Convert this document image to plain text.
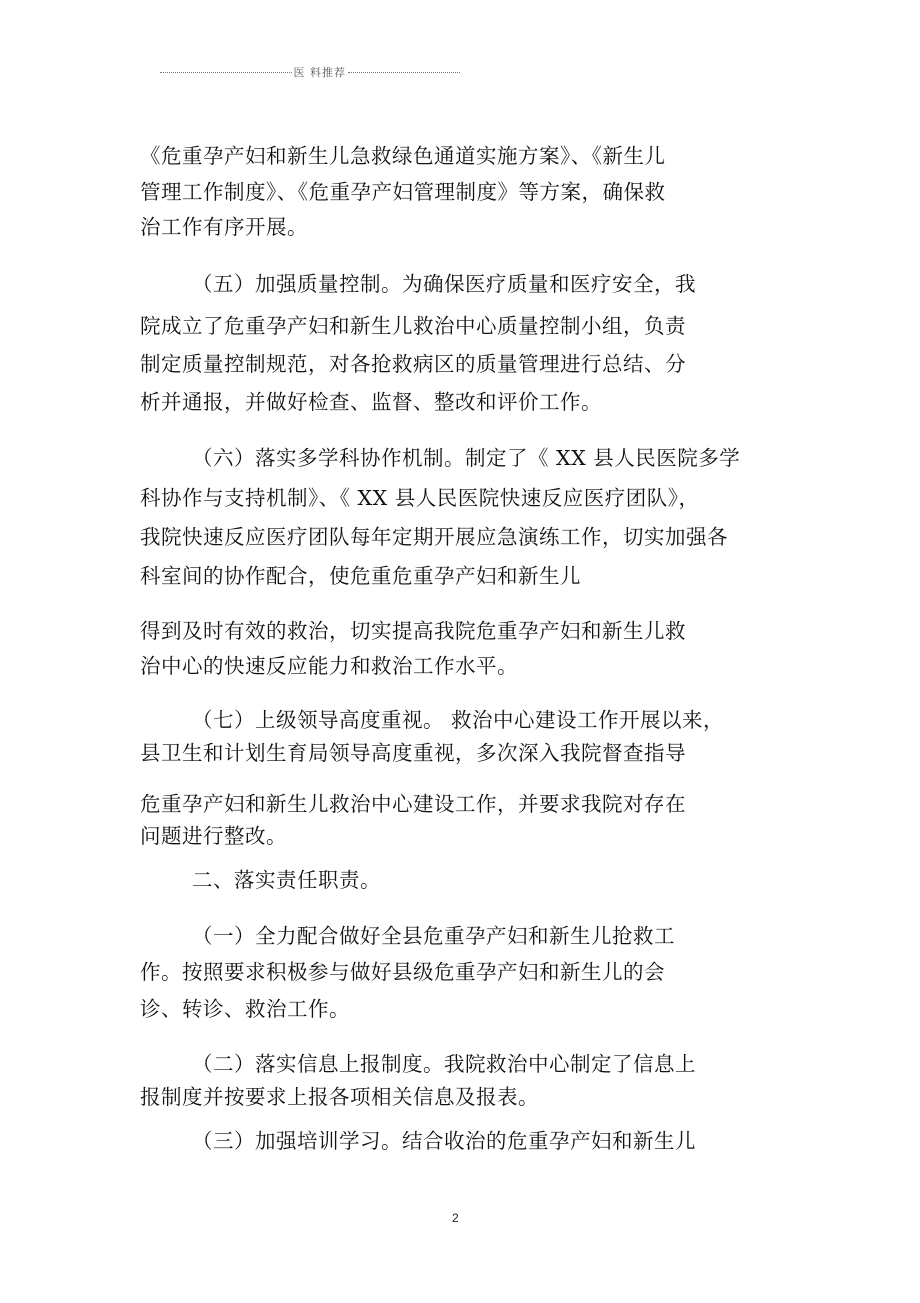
医 料推荐
《危重孕产妇和新生儿急救绿色通道实施方案》、《新生儿
管理工作制度》、《危重孕产妇管理制度》等方案，确保救
治工作有序开展。
（五）加强质量控制。为确保医疗质量和医疗安全，我
院成立了危重孕产妇和新生儿救治中心质量控制小组，负责
制定质量控制规范，对各抢救病区的质量管理进行总结、分
析并通报，并做好检查、监督、整改和评价工作。
（六）落实多学科协作机制。制定了《 XX 县人民医院多学
科协作与支持机制》、《 XX 县人民医院快速反应医疗团队》，
我院快速反应医疗团队每年定期开展应急演练工作，切实加强各
科室间的协作配合，使危重危重孕产妇和新生儿
得到及时有效的救治，切实提高我院危重孕产妇和新生儿救
治中心的快速反应能力和救治工作水平。
（七）上级领导高度重视。 救治中心建设工作开展以来，
县卫生和计划生育局领导高度重视，多次深入我院督查指导
危重孕产妇和新生儿救治中心建设工作，并要求我院对存在
问题进行整改。
二、落实责任职责。
（一）全力配合做好全县危重孕产妇和新生儿抢救工
作。按照要求积极参与做好县级危重孕产妇和新生儿的会
诊、转诊、救治工作。
（二）落实信息上报制度。我院救治中心制定了信息上
报制度并按要求上报各项相关信息及报表。
（三）加强培训学习。结合收治的危重孕产妇和新生儿
2
